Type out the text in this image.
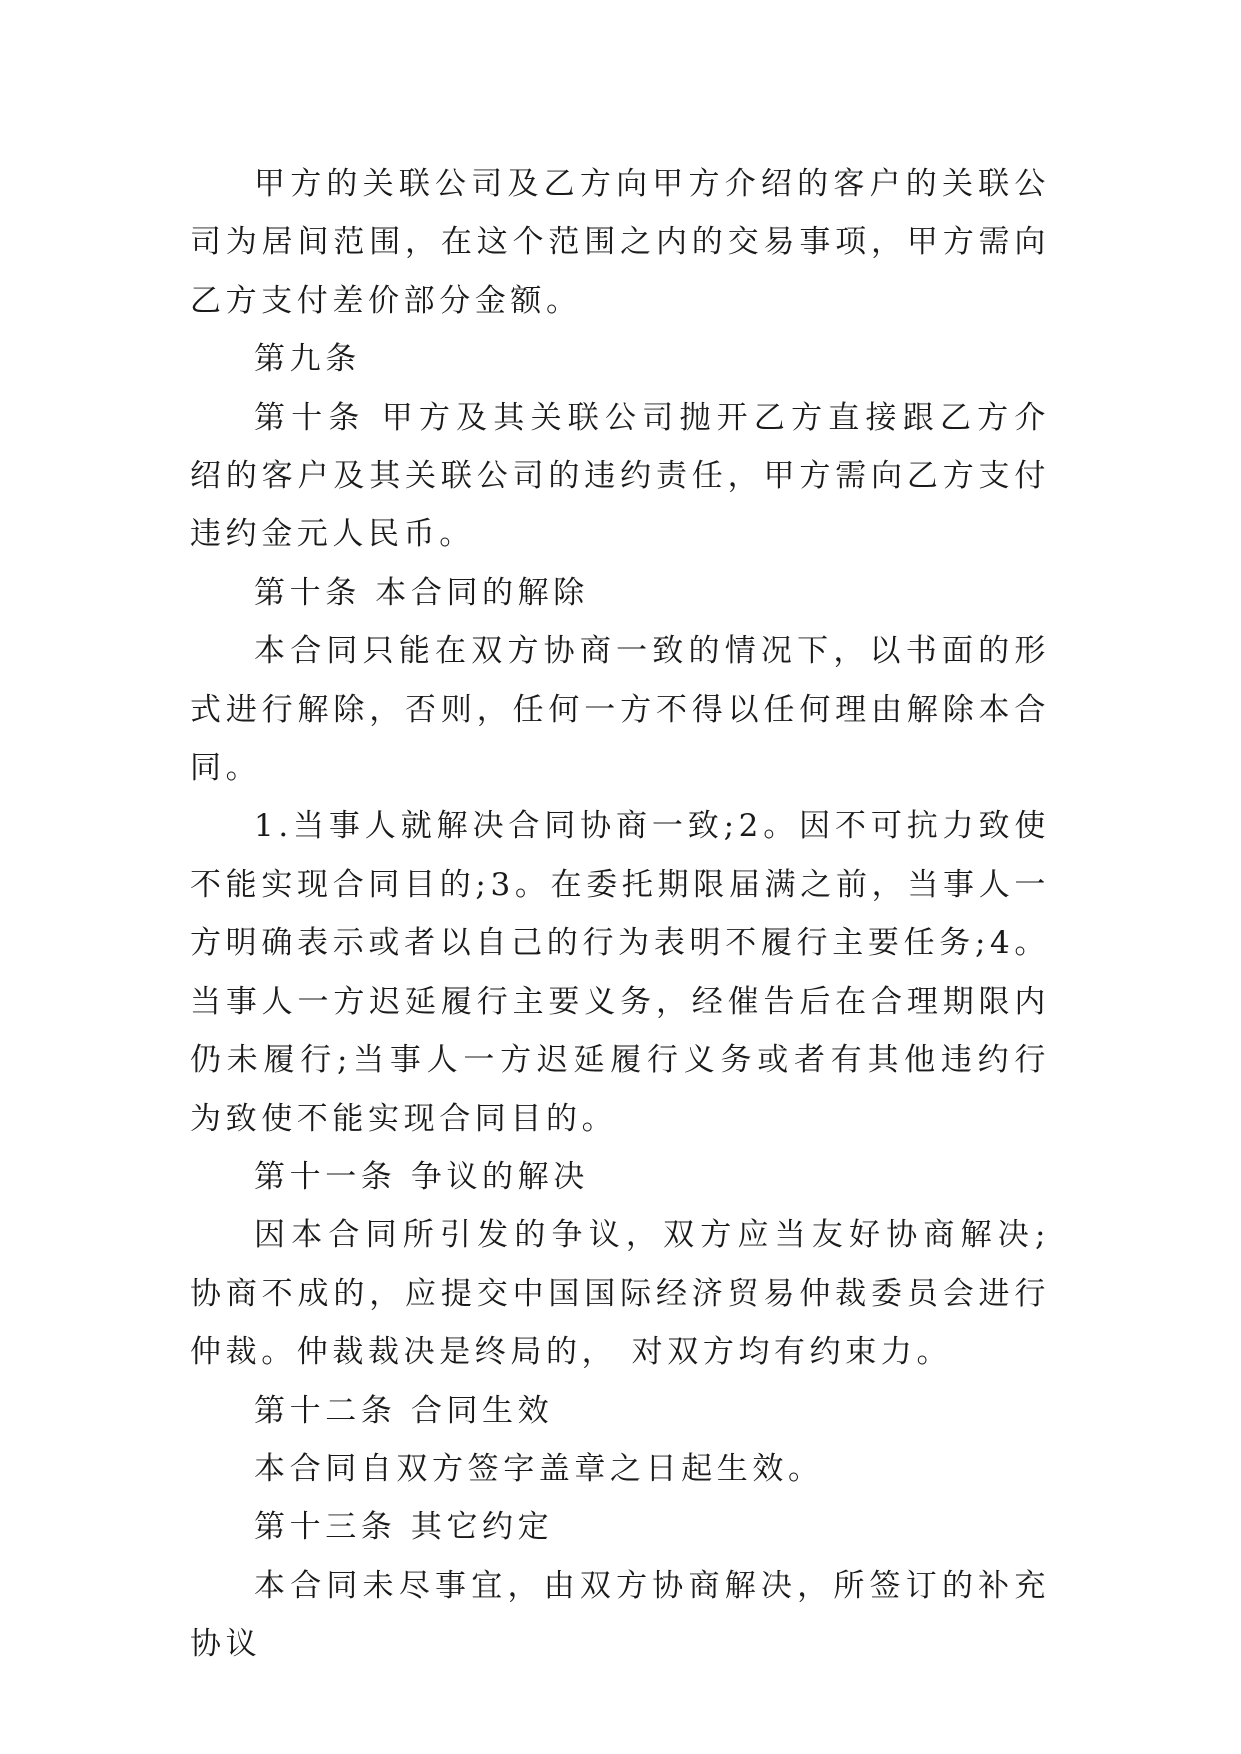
甲方的关联公司及乙方向甲方介绍的客户的关联公司为居间范围，在这个范围之内的交易事项，甲方需向乙方支付差价部分金额。

第九条

第十条 甲方及其关联公司抛开乙方直接跟乙方介绍的客户及其关联公司的违约责任，甲方需向乙方支付违约金元人民币。

第十条 本合同的解除

本合同只能在双方协商一致的情况下，以书面的形式进行解除，否则，任何一方不得以任何理由解除本合同。

1.当事人就解决合同协商一致;2。因不可抗力致使不能实现合同目的;3。在委托期限届满之前，当事人一方明确表示或者以自己的行为表明不履行主要任务;4。当事人一方迟延履行主要义务，经催告后在合理期限内仍未履行;当事人一方迟延履行义务或者有其他违约行为致使不能实现合同目的。

第十一条 争议的解决

因本合同所引发的争议，双方应当友好协商解决;协商不成的，应提交中国国际经济贸易仲裁委员会进行仲裁。仲裁裁决是终局的， 对双方均有约束力。

第十二条 合同生效

本合同自双方签字盖章之日起生效。

第十三条 其它约定

本合同未尽事宜，由双方协商解决，所签订的补充协议
